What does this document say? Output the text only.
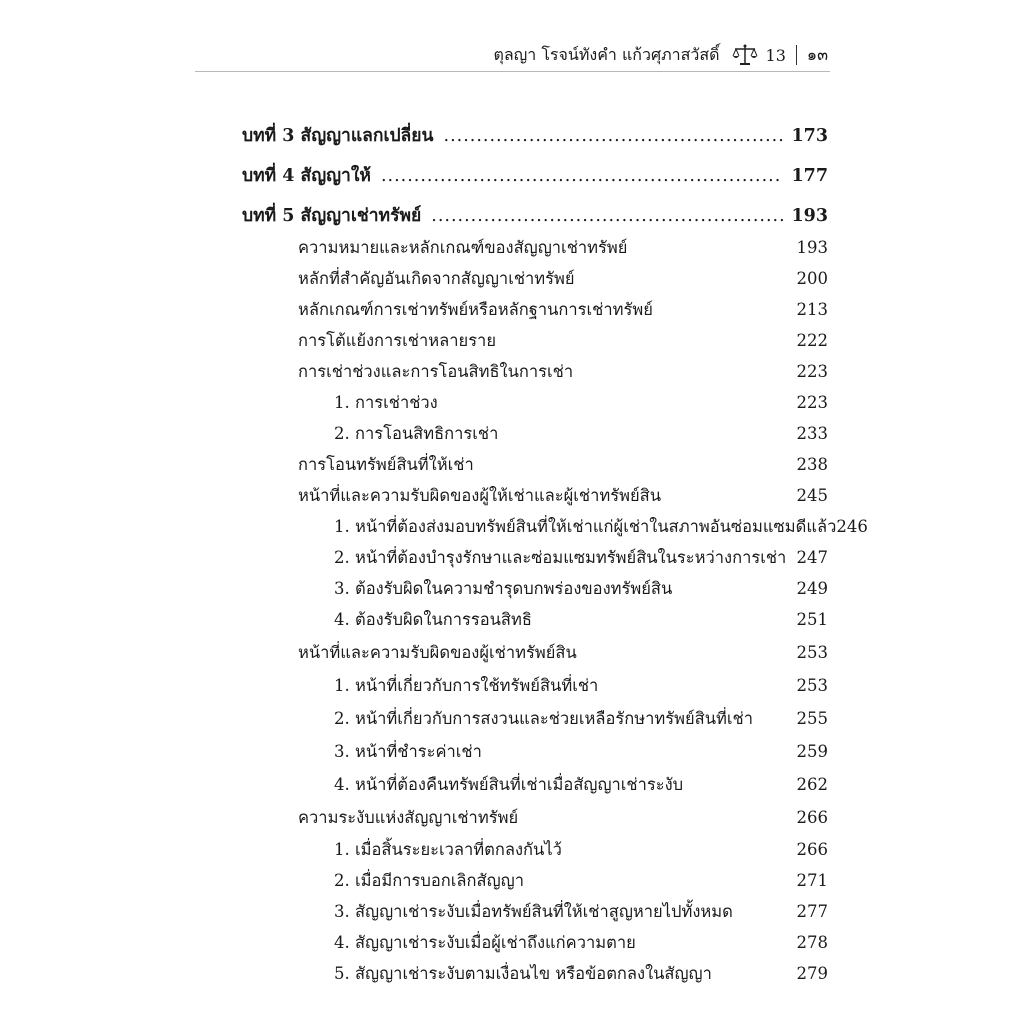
ตุลญา โรจน์ทังคำ แก้วศุภาสวัสดิ์	13 ๑๓
บทที่ 3 สัญญาแลกเปลี่ยน .....	173
บทที่ 4 สัญญาให้ .....	177
บทที่ 5 สัญญาเช่าทรัพย์ .....	193
ความหมายและหลักเกณฑ์ของสัญญาเช่าทรัพย์	193
หลักที่สำคัญอันเกิดจากสัญญาเช่าทรัพย์	200
หลักเกณฑ์การเช่าทรัพย์หรือหลักฐานการเช่าทรัพย์	213
การโต้แย้งการเช่าหลายราย	222
การเช่าช่วงและการโอนสิทธิในการเช่า	223
1. การเช่าช่วง	223
2. การโอนสิทธิการเช่า	233
การโอนทรัพย์สินที่ให้เช่า	238
หน้าที่และความรับผิดของผู้ให้เช่าและผู้เช่าทรัพย์สิน	245
1. หน้าที่ต้องส่งมอบทรัพย์สินที่ให้เช่าแก่ผู้เช่าในสภาพอันซ่อมแซมดีแล้ว 246
2. หน้าที่ต้องบำรุงรักษาและซ่อมแซมทรัพย์สินในระหว่างการเช่า 247
3. ต้องรับผิดในความชำรุดบกพร่องของทรัพย์สิน	249
4. ต้องรับผิดในการรอนสิทธิ	251
หน้าที่และความรับผิดของผู้เช่าทรัพย์สิน	253
1. หน้าที่เกี่ยวกับการใช้ทรัพย์สินที่เช่า	253
2. หน้าที่เกี่ยวกับการสงวนและช่วยเหลือรักษาทรัพย์สินที่เช่า	255
3. หน้าที่ชำระค่าเช่า	259
4. หน้าที่ต้องคืนทรัพย์สินที่เช่าเมื่อสัญญาเช่าระงับ	262
ความระงับแห่งสัญญาเช่าทรัพย์	266
1. เมื่อสิ้นระยะเวลาที่ตกลงกันไว้	266
2. เมื่อมีการบอกเลิกสัญญา	271
3. สัญญาเช่าระงับเมื่อทรัพย์สินที่ให้เช่าสูญหายไปทั้งหมด	277
4. สัญญาเช่าระงับเมื่อผู้เช่าถึงแก่ความตาย	278
5. สัญญาเช่าระงับตามเงื่อนไข หรือข้อตกลงในสัญญา	279
